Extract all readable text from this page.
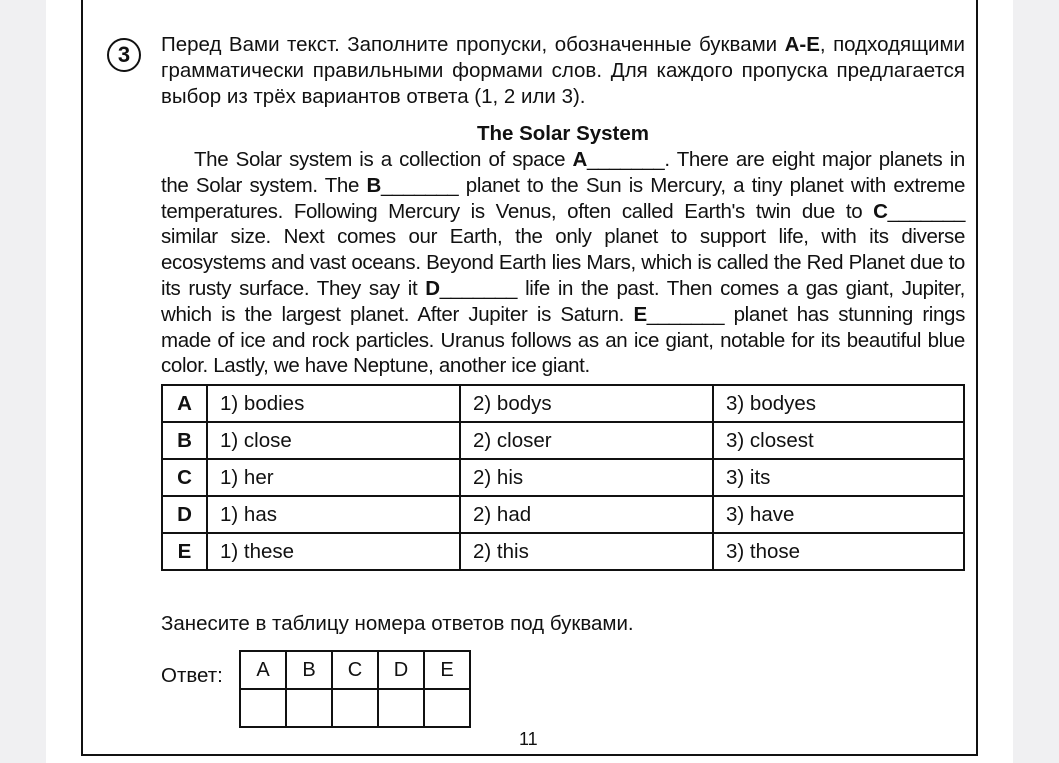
3	Перед Вами текст. Заполните пропуски, обозначенные буквами A-E, подходящими грамматически правильными формами слов. Для каждого пропуска предлагается выбор из трёх вариантов ответа (1, 2 или 3).
The Solar System
The Solar system is a collection of space A_______. There are eight major planets in the Solar system. The B_______ planet to the Sun is Mercury, a tiny planet with extreme temperatures. Following Mercury is Venus, often called Earth's twin due to C_______ similar size. Next comes our Earth, the only planet to support life, with its diverse ecosystems and vast oceans. Beyond Earth lies Mars, which is called the Red Planet due to its rusty surface. They say it D_______ life in the past. Then comes a gas giant, Jupiter, which is the largest planet. After Jupiter is Saturn. E_______ planet has stunning rings made of ice and rock particles. Uranus follows as an ice giant, notable for its beautiful blue color. Lastly, we have Neptune, another ice giant.
A	1) bodies	2) bodys	3) bodyes
B	1) close	2) closer	3) closest
C	1) her	2) his	3) its
D	1) has	2) had	3) have
E	1) these	2) this	3) those
Занесите в таблицу номера ответов под буквами.
Ответ: A	B	C	D	E

11
